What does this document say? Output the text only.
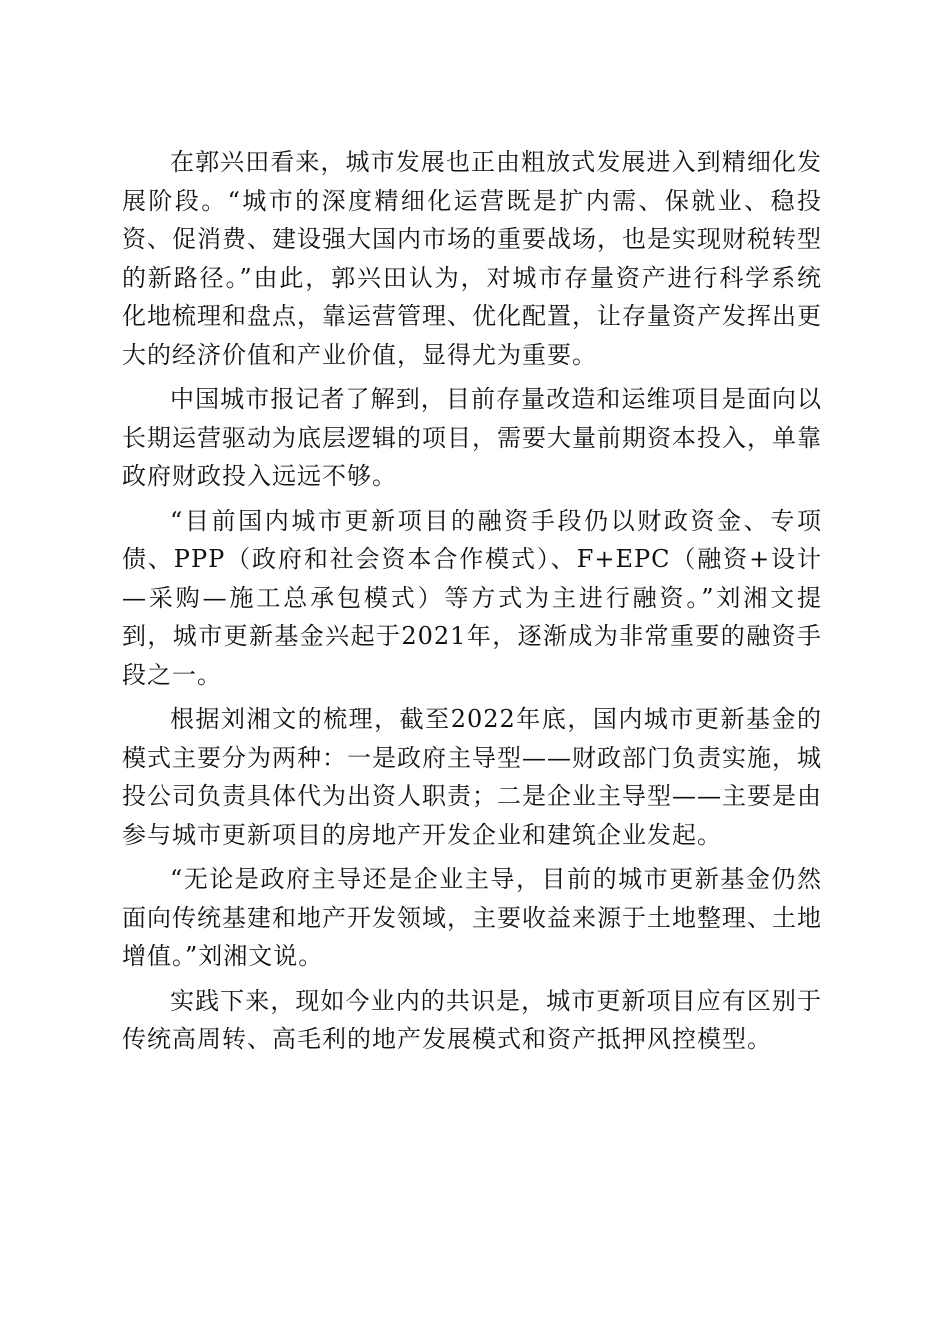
在郭兴田看来，城市发展也正由粗放式发展进入到精细化发展阶段。“城市的深度精细化运营既是扩内需、保就业、稳投资、促消费、建设强大国内市场的重要战场，也是实现财税转型的新路径。”由此，郭兴田认为，对城市存量资产进行科学系统化地梳理和盘点，靠运营管理、优化配置，让存量资产发挥出更大的经济价值和产业价值，显得尤为重要。

中国城市报记者了解到，目前存量改造和运维项目是面向以长期运营驱动为底层逻辑的项目，需要大量前期资本投入，单靠政府财政投入远远不够。

“目前国内城市更新项目的融资手段仍以财政资金、专项债、PPP（政府和社会资本合作模式）、F+EPC（融资+设计—采购—施工总承包模式）等方式为主进行融资。”刘湘文提到，城市更新基金兴起于2021年，逐渐成为非常重要的融资手段之一。

根据刘湘文的梳理，截至2022年底，国内城市更新基金的模式主要分为两种：一是政府主导型——财政部门负责实施，城投公司负责具体代为出资人职责；二是企业主导型——主要是由参与城市更新项目的房地产开发企业和建筑企业发起。

“无论是政府主导还是企业主导，目前的城市更新基金仍然面向传统基建和地产开发领域，主要收益来源于土地整理、土地增值。”刘湘文说。

实践下来，现如今业内的共识是，城市更新项目应有区别于传统高周转、高毛利的地产发展模式和资产抵押风控模型。
